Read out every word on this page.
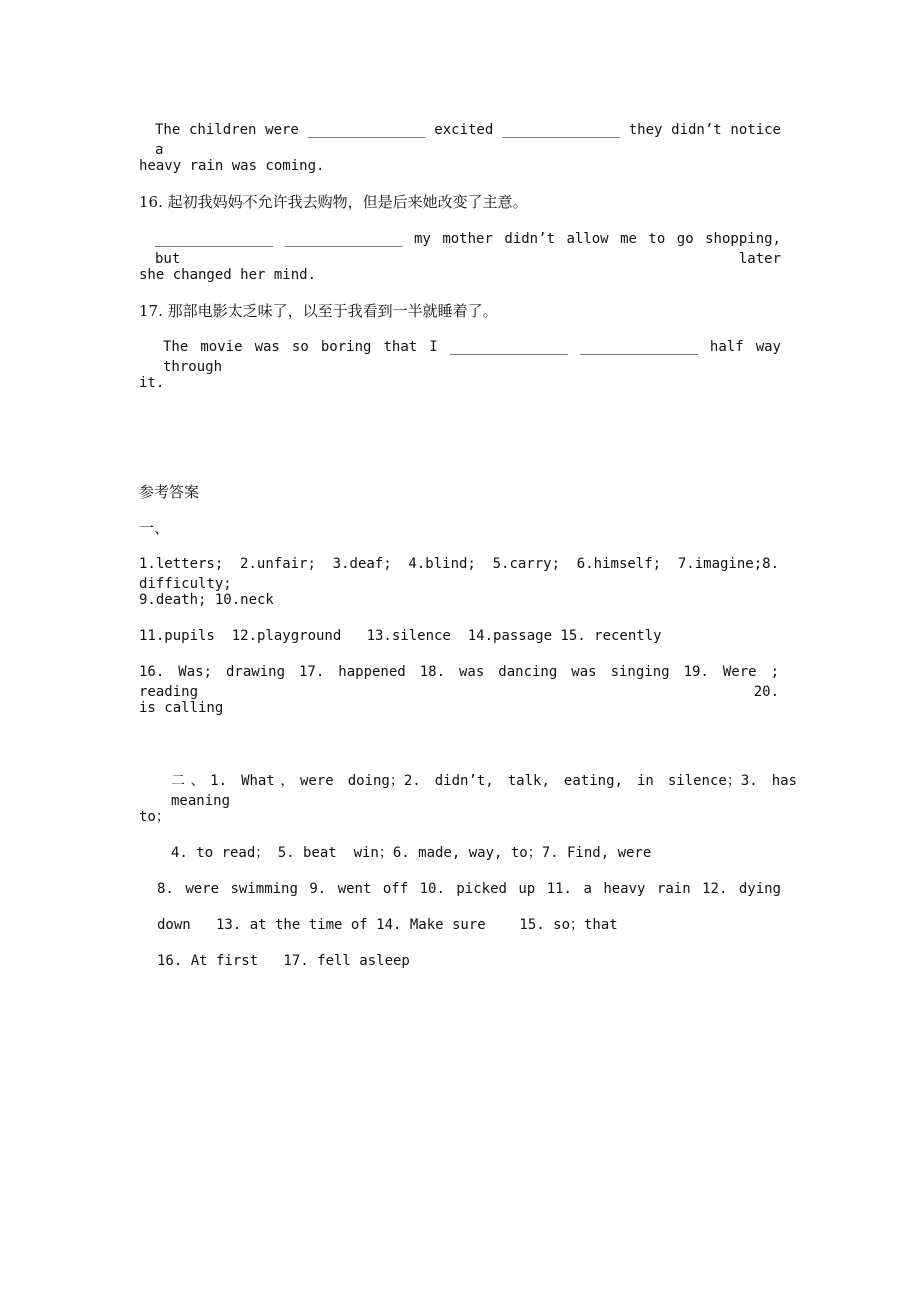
The children were ______________ excited ______________ they didn’t notice a
heavy rain was coming.
16. 起初我妈妈不允许我去购物，但是后来她改变了主意。
______________ ______________ my mother didn’t allow me to go shopping, but later
she changed her mind.
17. 那部电影太乏味了，以至于我看到一半就睡着了。
The movie was so boring that I ______________ ______________ half way through
it.
参考答案
一、
1.letters; 2.unfair; 3.deaf; 4.blind; 5.carry; 6.himself; 7.imagine;8. difficulty;
9.death; 10.neck
11.pupils  12.playground   13.silence  14.passage 15. recently
16. Was; drawing 17. happened 18. was dancing was singing 19. Were ; reading 20.
is calling
二、1. What，were doing；2. didn’t, talk, eating, in silence；3. has meaning
to；
4. to read； 5. beat  win；6. made, way, to；7. Find, were
8. were swimming 9. went off 10. picked up 11. a heavy rain 12. dying
down   13. at the time of 14. Make sure    15. so；that
16. At first   17. fell asleep
